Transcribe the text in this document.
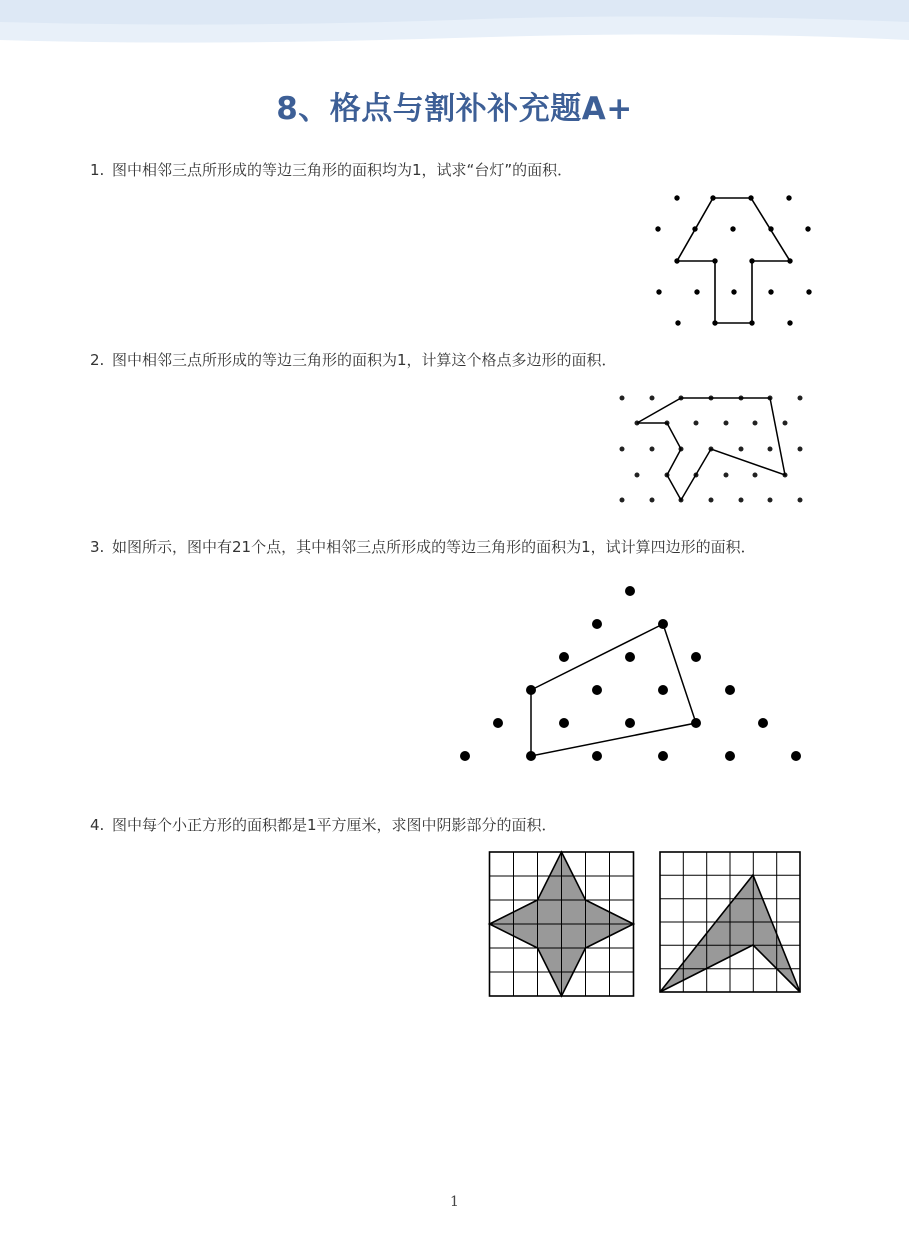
8、格点与割补补充题A+
1. 图中相邻三点所形成的等边三角形的面积均为1，试求“台灯”的面积．
2. 图中相邻三点所形成的等边三角形的面积为1，计算这个格点多边形的面积．
3. 如图所示，图中有21个点，其中相邻三点所形成的等边三角形的面积为1，试计算四边形的面积．
4. 图中每个小正方形的面积都是1平方厘米，求图中阴影部分的面积．
1
